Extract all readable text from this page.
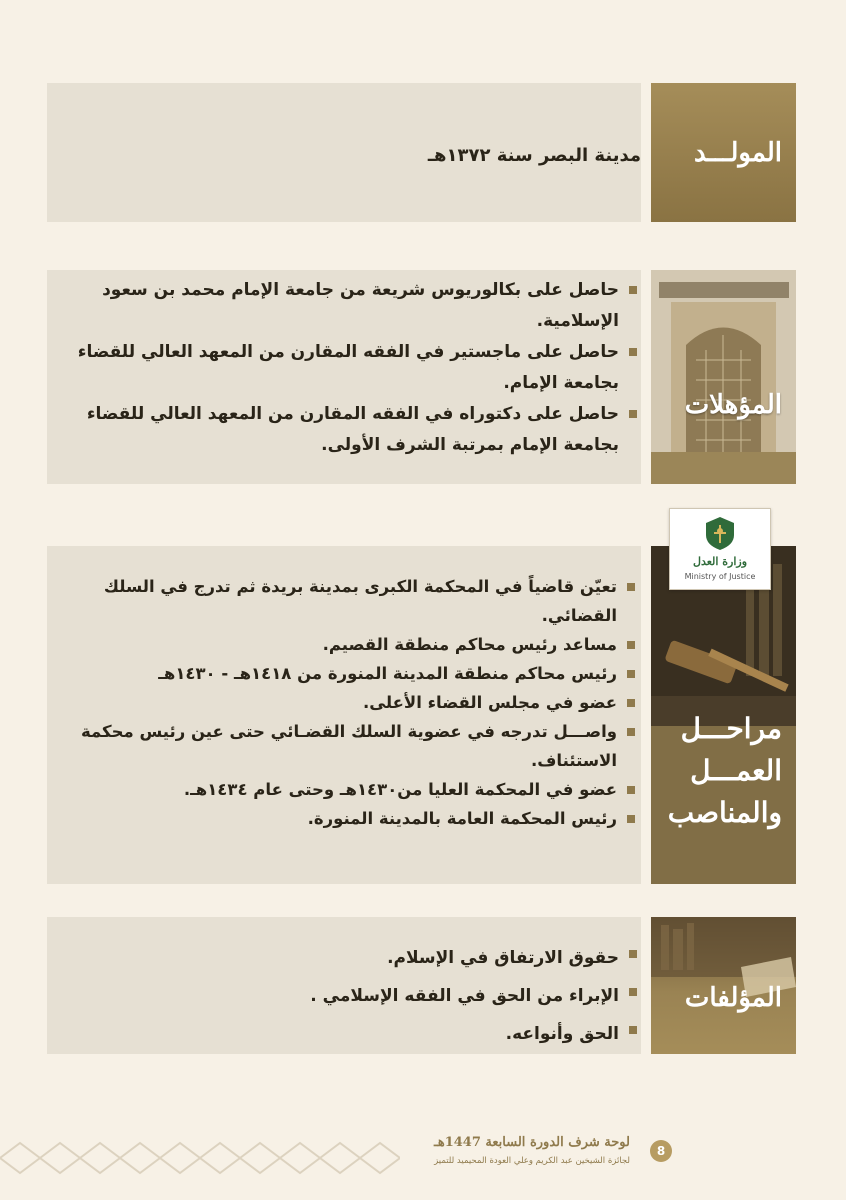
مدينة البصر سنة ١٣٧٢هـ المولـــد
حاصل على بكالوريوس شريعة من جامعة الإمام محمد بن سعود الإسلامية.
حاصل على ماجستير في الفقه المقارن من المعهد العالي للقضاء بجامعة الإمام.
حاصل على دكتوراه في الفقه المقارن من المعهد العالي للقضاء بجامعة الإمام بمرتبة الشرف الأولى.
المؤهلات
تعيّن قاضياً في المحكمة الكبرى بمدينة بريدة ثم تدرج في السلك القضائي.
مساعد رئيس محاكم منطقة القصيم.
رئيس محاكم منطقة المدينة المنورة من ١٤١٨هـ - ١٤٣٠هـ
عضو في مجلس القضاء الأعلى.
واصـــل تدرجه في عضوية السلك القضـائي حتى عين رئيس محكمة الاستئناف.
عضو في المحكمة العليا من١٤٣٠هـ وحتى عام ١٤٣٤هـ.
رئيس المحكمة العامة بالمدينة المنورة.
مراحـــل
العمـــل
والمناصب
وزارة العدل
Ministry of Justice
حقوق الارتفاق في الإسلام.
الإبراء من الحق في الفقه الإسلامي .
الحق وأنواعه.
المؤلفات
لوحة شرف الدورة السابعة 1447هـ
لجائزة الشيخين عبد الكريم وعلي العودة المحيميد للتميز
8
